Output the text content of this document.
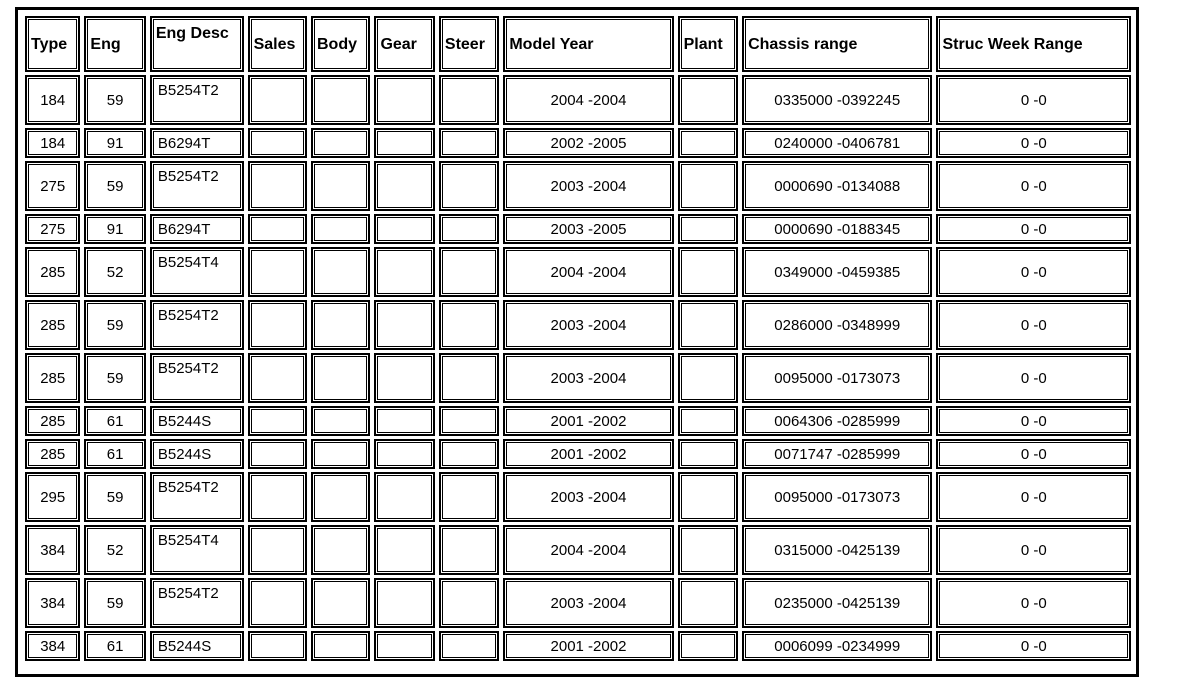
Type	Eng	Eng Desc	Sales	Body	Gear	Steer	Model Year	Plant	Chassis range	Struc Week Range
184	59	B5254T2					2004 -2004		0335000 -0392245	0 -0
184	91	B6294T					2002 -2005		0240000 -0406781	0 -0
275	59	B5254T2					2003 -2004		0000690 -0134088	0 -0
275	91	B6294T					2003 -2005		0000690 -0188345	0 -0
285	52	B5254T4					2004 -2004		0349000 -0459385	0 -0
285	59	B5254T2					2003 -2004		0286000 -0348999	0 -0
285	59	B5254T2					2003 -2004		0095000 -0173073	0 -0
285	61	B5244S					2001 -2002		0064306 -0285999	0 -0
285	61	B5244S					2001 -2002		0071747 -0285999	0 -0
295	59	B5254T2					2003 -2004		0095000 -0173073	0 -0
384	52	B5254T4					2004 -2004		0315000 -0425139	0 -0
384	59	B5254T2					2003 -2004		0235000 -0425139	0 -0
384	61	B5244S					2001 -2002		0006099 -0234999	0 -0
